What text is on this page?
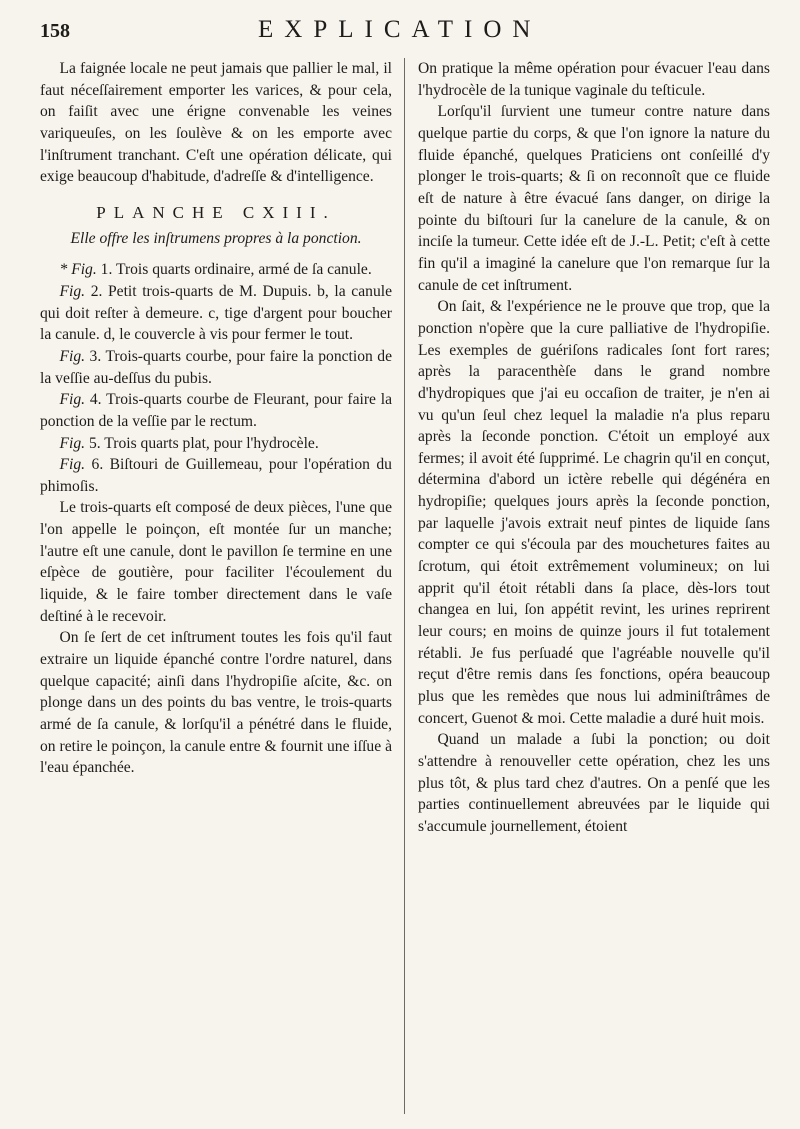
158	EXPLICATION

La faignée locale ne peut jamais que pallier le mal, il faut néceſſairement emporter les varices, & pour cela, on faiſit avec une érigne convenable les veines variqueuſes, on les ſoulève & on les emporte avec l'inſtrument tranchant. C'eſt une opération délicate, qui exige beaucoup d'habitude, d'adreſſe & d'intelligence.

PLANCHE CXIII.

Elle offre les inſtrumens propres à la ponction.

* Fig. 1. Trois quarts ordinaire, armé de ſa canule.

Fig. 2. Petit trois-quarts de M. Dupuis. b, la canule qui doit reſter à demeure. c, tige d'argent pour boucher la canule. d, le couvercle à vis pour fermer le tout.

Fig. 3. Trois-quarts courbe, pour faire la ponction de la veſſie au-deſſus du pubis.

Fig. 4. Trois-quarts courbe de Fleurant, pour faire la ponction de la veſſie par le rectum.

Fig. 5. Trois quarts plat, pour l'hydrocèle.

Fig. 6. Biſtouri de Guillemeau, pour l'opération du phimoſis.

Le trois-quarts eſt composé de deux pièces, l'une que l'on appelle le poinçon, eſt montée ſur un manche; l'autre eſt une canule, dont le pavillon ſe termine en une eſpèce de goutière, pour faciliter l'écoulement du liquide, & le faire tomber directement dans le vaſe deſtiné à le recevoir.

On ſe ſert de cet inſtrument toutes les fois qu'il faut extraire un liquide épanché contre l'ordre naturel, dans quelque capacité; ainſi dans l'hydropiſie aſcite, &c. on plonge dans un des points du bas ventre, le trois-quarts armé de ſa canule, & lorſqu'il a pénétré dans le fluide, on retire le poinçon, la canule entre & fournit une iſſue à l'eau épanchée.

On pratique la même opération pour évacuer l'eau dans l'hydrocèle de la tunique vaginale du teſticule.

Lorſqu'il ſurvient une tumeur contre nature dans quelque partie du corps, & que l'on ignore la nature du fluide épanché, quelques Praticiens ont conſeillé d'y plonger le trois-quarts; & ſi on reconnoît que ce fluide eſt de nature à être évacué ſans danger, on dirige la pointe du biſtouri ſur la canelure de la canule, & on inciſe la tumeur. Cette idée eſt de J.-L. Petit; c'eſt à cette fin qu'il a imaginé la canelure que l'on remarque ſur la canule de cet inſtrument.

On ſait, & l'expérience ne le prouve que trop, que la ponction n'opère que la cure palliative de l'hydropiſie. Les exemples de guériſons radicales ſont fort rares; après la paracenthèſe dans le grand nombre d'hydropiques que j'ai eu occaſion de traiter, je n'en ai vu qu'un ſeul chez lequel la maladie n'a plus reparu après la ſeconde ponction. C'étoit un employé aux fermes; il avoit été ſupprimé. Le chagrin qu'il en conçut, détermina d'abord un ictère rebelle qui dégénéra en hydropiſie; quelques jours après la ſeconde ponction, par laquelle j'avois extrait neuf pintes de liquide ſans compter ce qui s'écoula par des mouchetures faites au ſcrotum, qui étoit extrêmement volumineux; on lui apprit qu'il étoit rétabli dans ſa place, dès-lors tout changea en lui, ſon appétit revint, les urines reprirent leur cours; en moins de quinze jours il fut totalement rétabli. Je fus perſuadé que l'agréable nouvelle qu'il reçut d'être remis dans ſes fonctions, opéra beaucoup plus que les remèdes que nous lui adminiſtrâmes de concert, Guenot & moi. Cette maladie a duré huit mois.

Quand un malade a ſubi la ponction; ou doit s'attendre à renouveller cette opération, chez les uns plus tôt, & plus tard chez d'autres. On a penſé que les parties continuellement abreuvées par le liquide qui s'accumule journellement, étoient
